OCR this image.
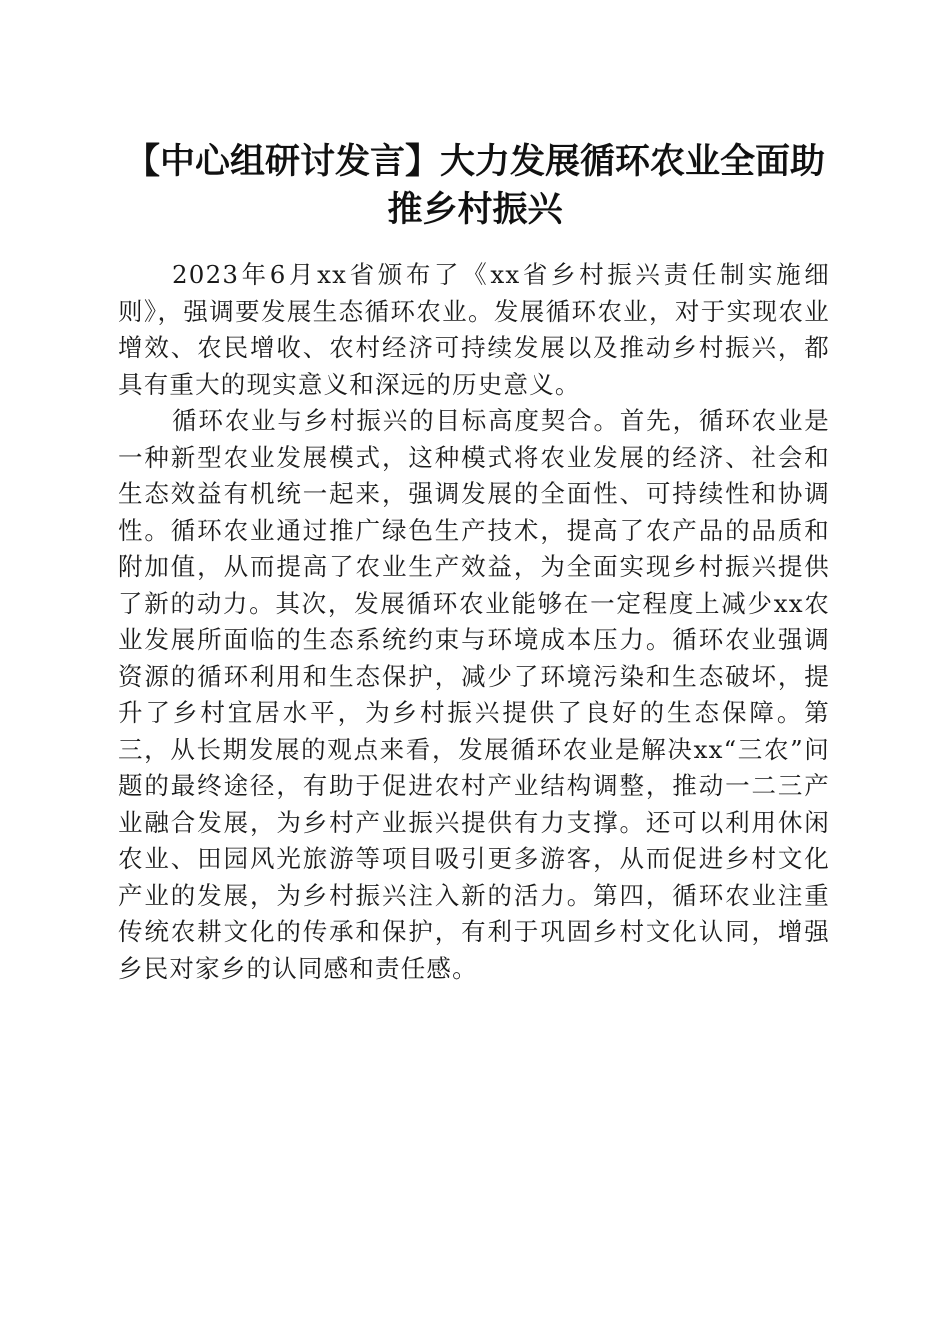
【中心组研讨发言】大力发展循环农业全面助推乡村振兴

2023年6月xx省颁布了《xx省乡村振兴责任制实施细则》，强调要发展生态循环农业。发展循环农业，对于实现农业增效、农民增收、农村经济可持续发展以及推动乡村振兴，都具有重大的现实意义和深远的历史意义。

循环农业与乡村振兴的目标高度契合。首先，循环农业是一种新型农业发展模式，这种模式将农业发展的经济、社会和生态效益有机统一起来，强调发展的全面性、可持续性和协调性。循环农业通过推广绿色生产技术，提高了农产品的品质和附加值，从而提高了农业生产效益，为全面实现乡村振兴提供了新的动力。其次，发展循环农业能够在一定程度上减少xx农业发展所面临的生态系统约束与环境成本压力。循环农业强调资源的循环利用和生态保护，减少了环境污染和生态破坏，提升了乡村宜居水平，为乡村振兴提供了良好的生态保障。第三，从长期发展的观点来看，发展循环农业是解决xx“三农”问题的最终途径，有助于促进农村产业结构调整，推动一二三产业融合发展，为乡村产业振兴提供有力支撑。还可以利用休闲农业、田园风光旅游等项目吸引更多游客，从而促进乡村文化产业的发展，为乡村振兴注入新的活力。第四，循环农业注重传统农耕文化的传承和保护，有利于巩固乡村文化认同，增强乡民对家乡的认同感和责任感。
